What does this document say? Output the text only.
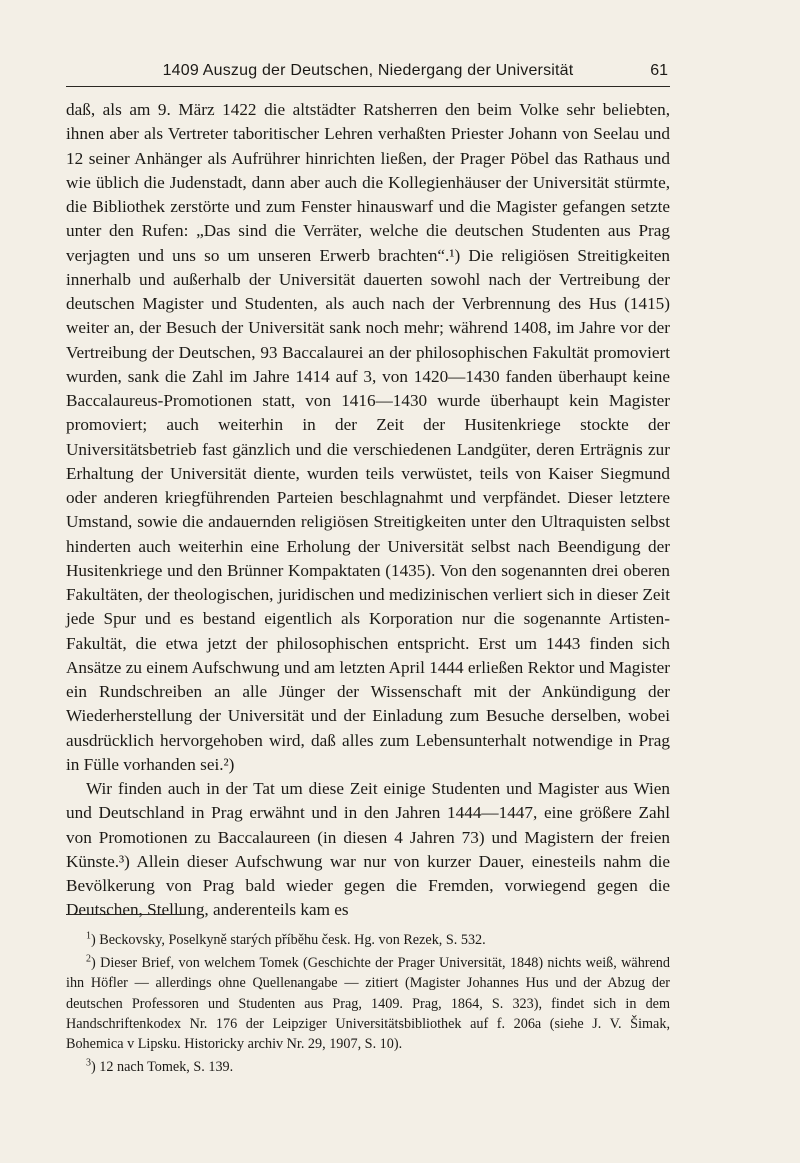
1409 Auszug der Deutschen, Niedergang der Universität	61

daß, als am 9. März 1422 die altstädter Ratsherren den beim Volke sehr beliebten, ihnen aber als Vertreter taboritischer Lehren verhaßten Priester Johann von Seelau und 12 seiner Anhänger als Aufrührer hinrichten ließen, der Prager Pöbel das Rathaus und wie üblich die Judenstadt, dann aber auch die Kollegienhäuser der Universität stürmte, die Bibliothek zerstörte und zum Fenster hinauswarf und die Magister gefangen setzte unter den Rufen: „Das sind die Verräter, welche die deutschen Studenten aus Prag verjagten und uns so um unseren Erwerb brachten“.¹) Die religiösen Streitigkeiten innerhalb und außerhalb der Universität dauerten sowohl nach der Vertreibung der deutschen Magister und Studenten, als auch nach der Verbrennung des Hus (1415) weiter an, der Besuch der Universität sank noch mehr; während 1408, im Jahre vor der Vertreibung der Deutschen, 93 Baccalaurei an der philosophischen Fakultät promoviert wurden, sank die Zahl im Jahre 1414 auf 3, von 1420—1430 fanden überhaupt keine Baccalaureus-Promotionen statt, von 1416—1430 wurde überhaupt kein Magister promoviert; auch weiterhin in der Zeit der Husitenkriege stockte der Universitätsbetrieb fast gänzlich und die verschiedenen Landgüter, deren Erträgnis zur Erhaltung der Universität diente, wurden teils verwüstet, teils von Kaiser Siegmund oder anderen kriegführenden Parteien beschlagnahmt und verpfändet. Dieser letztere Umstand, sowie die andauernden religiösen Streitigkeiten unter den Ultraquisten selbst hinderten auch weiterhin eine Erholung der Universität selbst nach Beendigung der Husitenkriege und den Brünner Kompaktaten (1435). Von den sogenannten drei oberen Fakultäten, der theologischen, juridischen und medizinischen verliert sich in dieser Zeit jede Spur und es bestand eigentlich als Korporation nur die sogenannte Artisten-Fakultät, die etwa jetzt der philosophischen entspricht. Erst um 1443 finden sich Ansätze zu einem Aufschwung und am letzten April 1444 erließen Rektor und Magister ein Rundschreiben an alle Jünger der Wissenschaft mit der Ankündigung der Wiederherstellung der Universität und der Einladung zum Besuche derselben, wobei ausdrücklich hervorgehoben wird, daß alles zum Lebensunterhalt notwendige in Prag in Fülle vorhanden sei.²)

Wir finden auch in der Tat um diese Zeit einige Studenten und Magister aus Wien und Deutschland in Prag erwähnt und in den Jahren 1444—1447, eine größere Zahl von Promotionen zu Baccalaureen (in diesen 4 Jahren 73) und Magistern der freien Künste.³) Allein dieser Aufschwung war nur von kurzer Dauer, einesteils nahm die Bevölkerung von Prag bald wieder gegen die Fremden, vorwiegend gegen die Deutschen, Stellung, anderenteils kam es

$^1$ ) Beckovsky, Poselkyně starých příběhu česk. Hg. von Rezek, S. 532.

$^2$ ) Dieser Brief, von welchem Tomek (Geschichte der Prager Universität, 1848) nichts weiß, während ihn Höfler — allerdings ohne Quellenangabe — zitiert (Magister Johannes Hus und der Abzug der deutschen Professoren und Studenten aus Prag, 1409. Prag, 1864, S. 323), findet sich in dem Handschriftenkodex Nr. 176 der Leipziger Universitätsbibliothek auf f. 206a (siehe J. V. Šimak, Bohemica v Lipsku. Historicky archiv Nr. 29, 1907, S. 10).

$^3$ ) 12 nach Tomek, S. 139.
